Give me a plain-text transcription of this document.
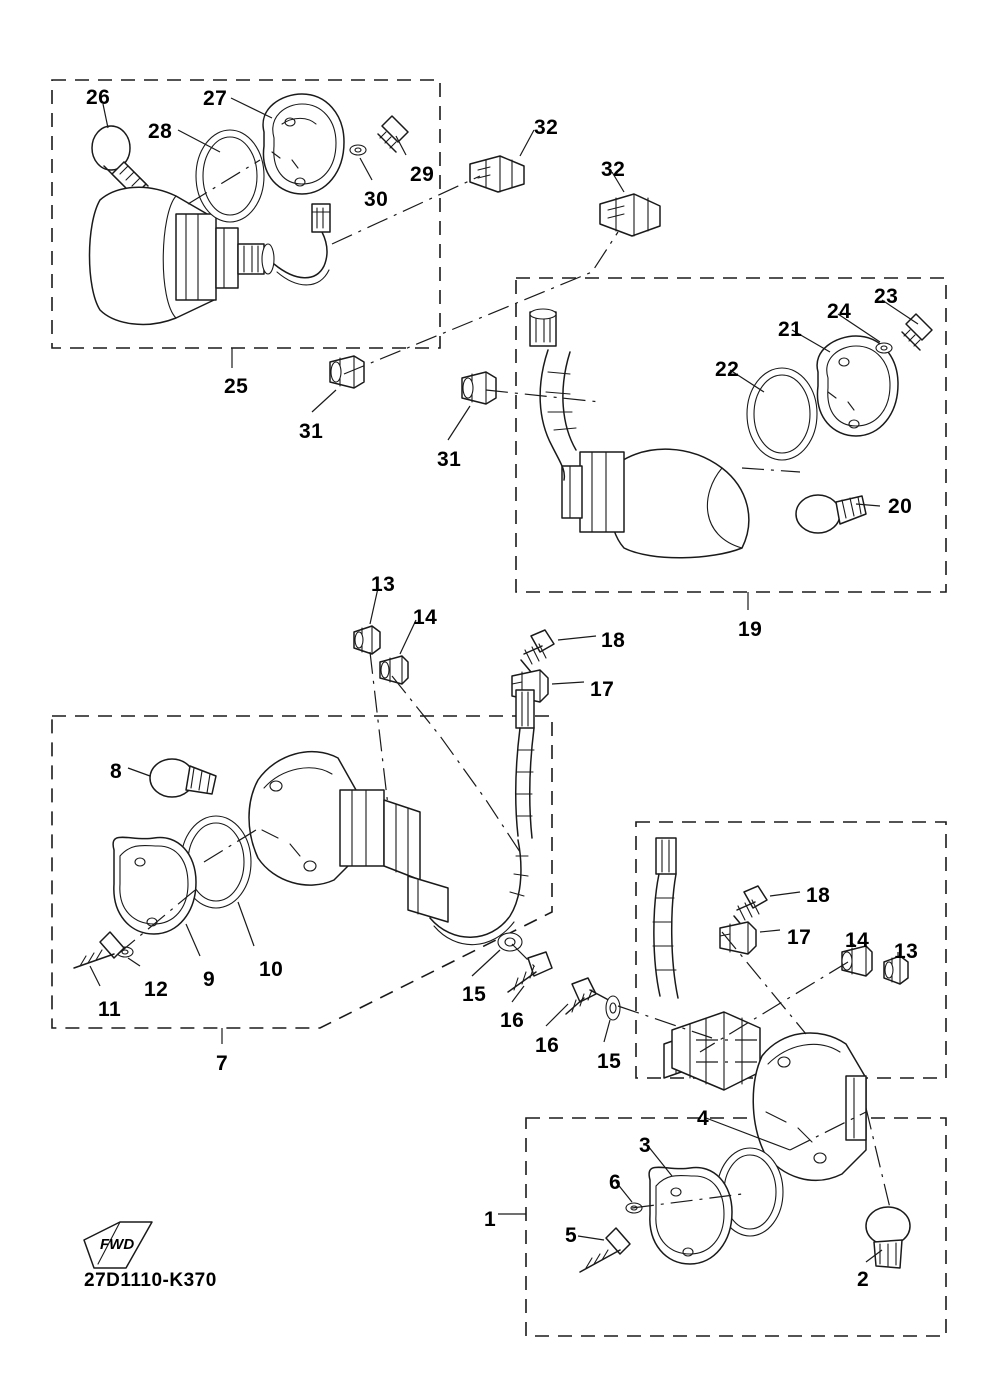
26
28
27
30
29
32
32
25
31
31
23
24
21
22
20
19
13
14
18
17
8
10
9
12
11
7
15
16
16
15
18
17 14 13
1
4
3
6
5
2
FWD
27D1110-K370
